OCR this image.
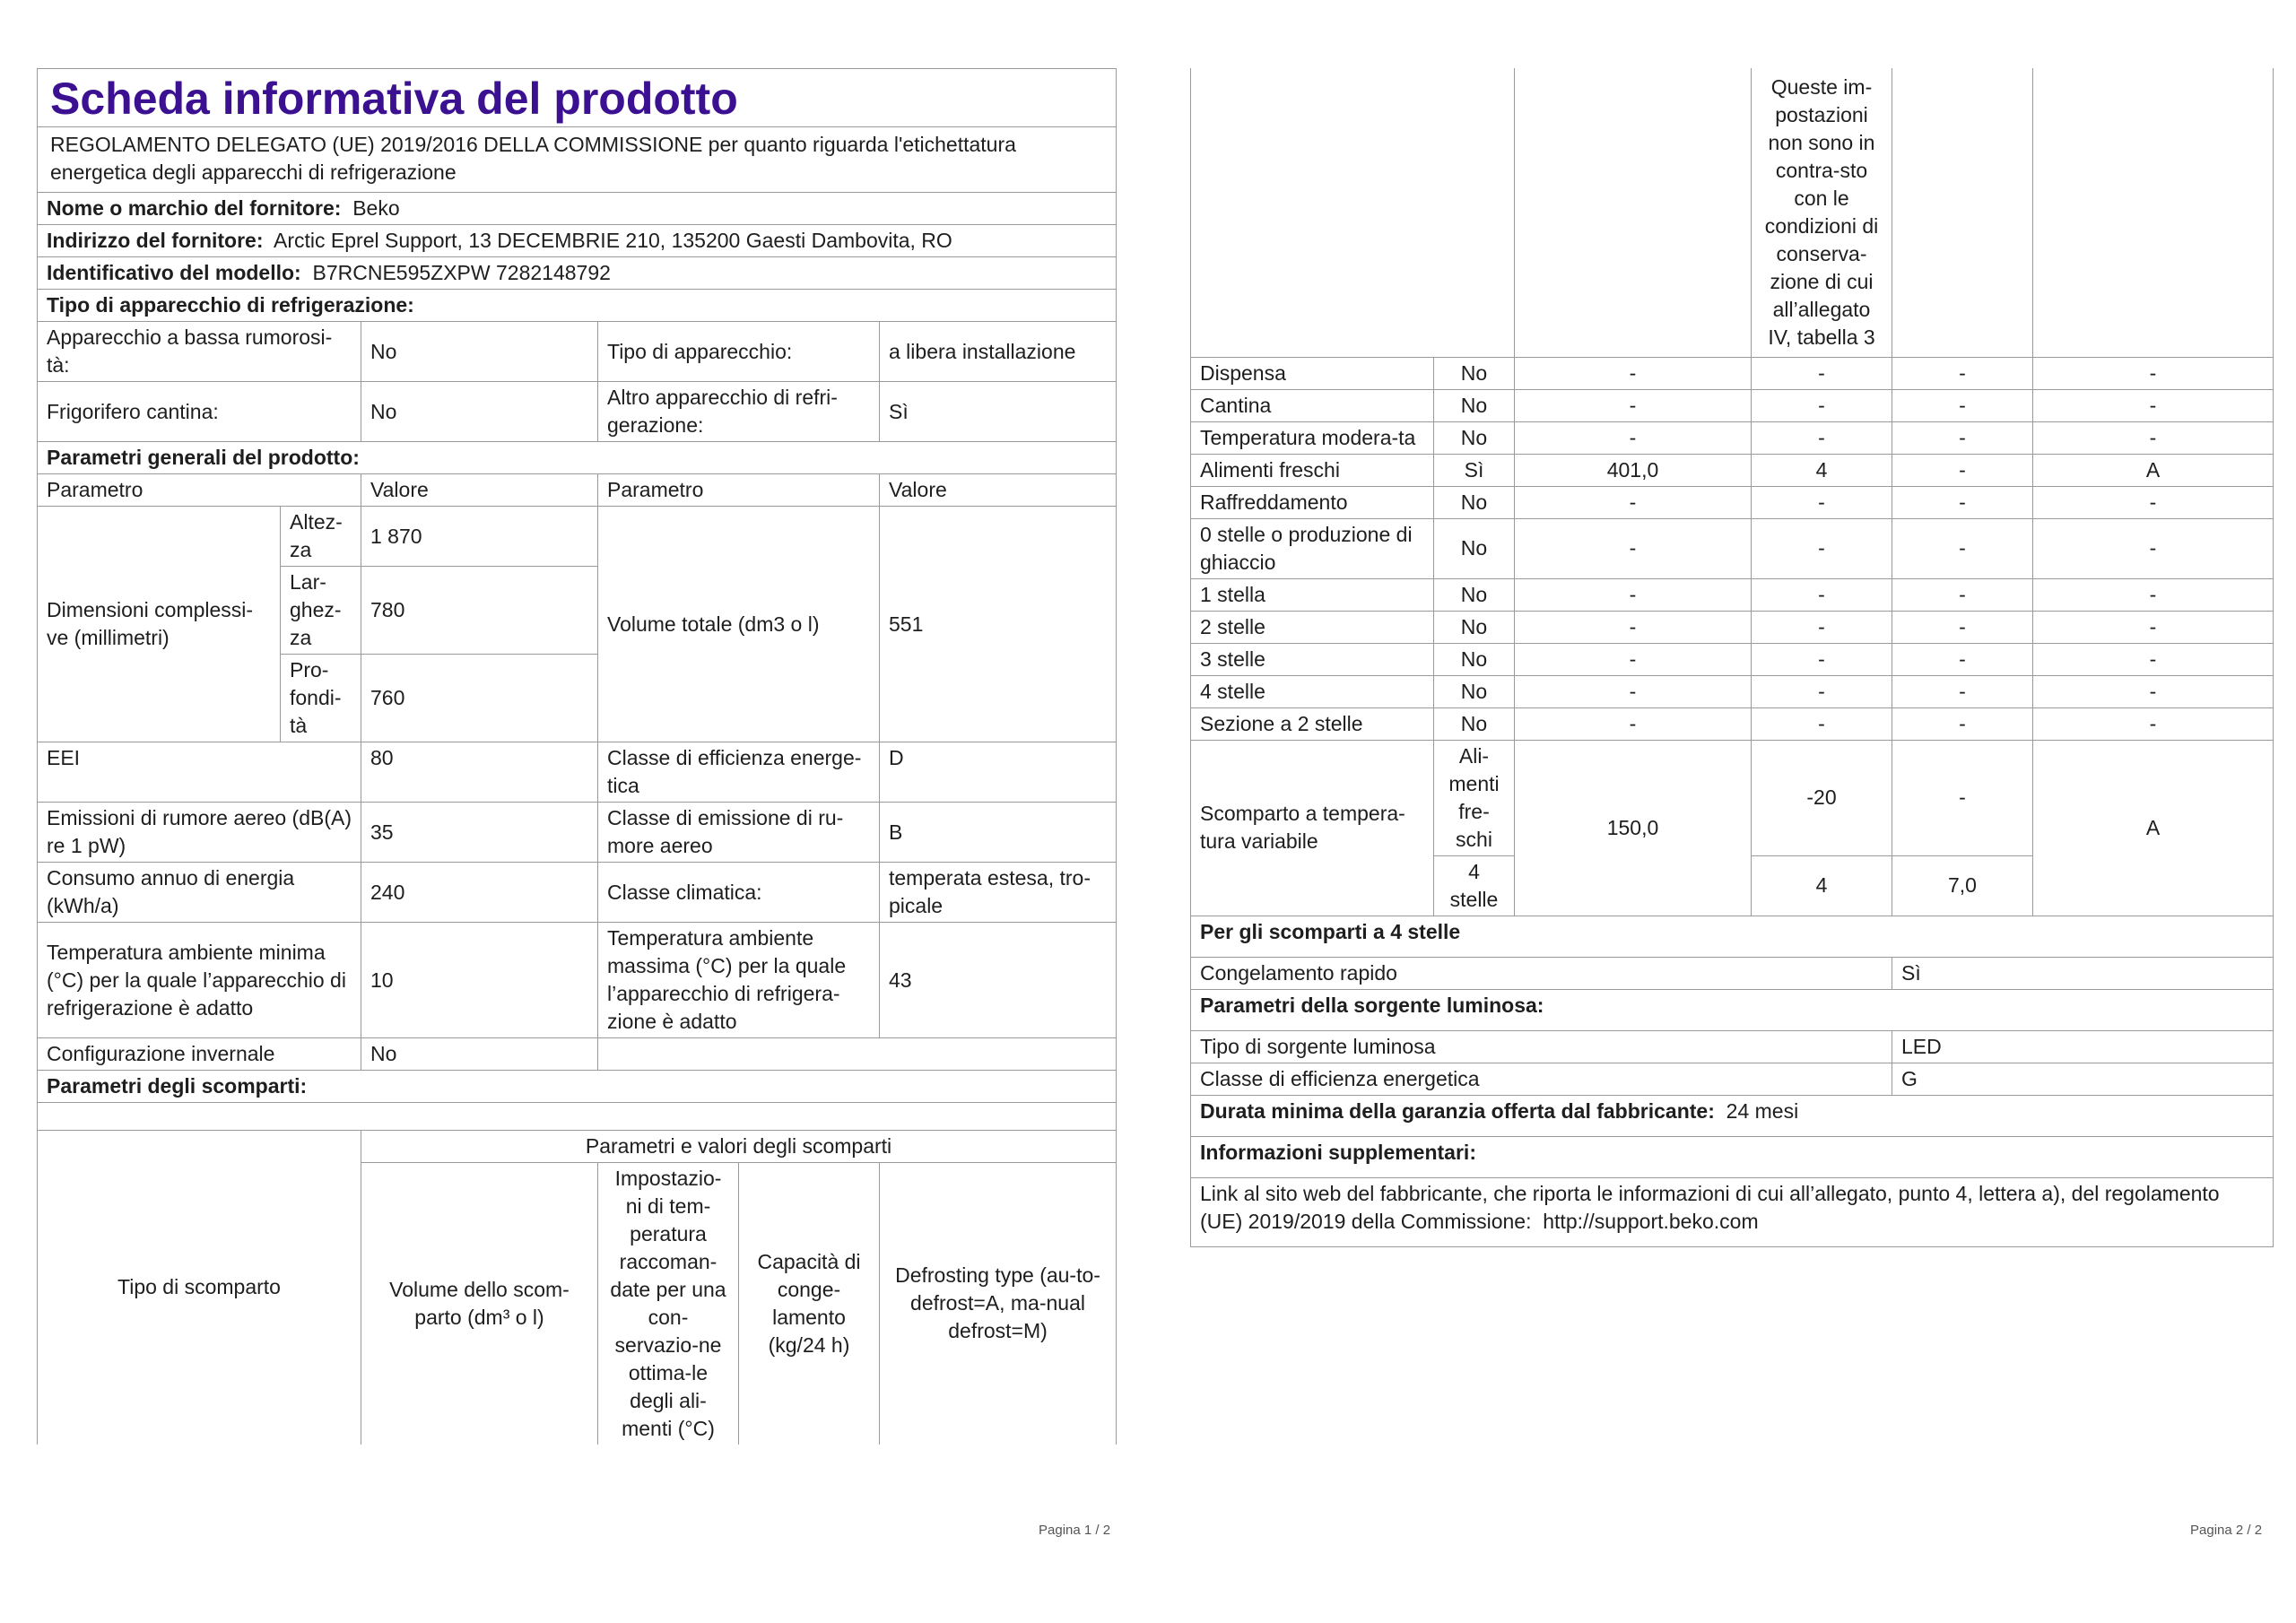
Scheda informativa del prodotto				
REGOLAMENTO DELEGATO (UE) 2019/2016 DELLA COMMISSIONE per quanto riguarda l'etichettatura energetica degli apparecchi di refrigerazione				
Nome o marchio del fornitore: Beko				
Indirizzo del fornitore: Arctic Eprel Support, 13 DECEMBRIE 210, 135200 Gaesti Dambovita, RO				
Identificativo del modello: B7RCNE595ZXPW 7282148792				
Tipo di apparecchio di refrigerazione:				
Apparecchio a bassa rumorosi-tà:		No	Tipo di apparecchio:	a libera installazione
Frigorifero cantina:		No	Altro apparecchio di refri-gerazione:	Sì
Parametri generali del prodotto:				
Parametro		Valore	Parametro	Valore
Dimensioni complessi-ve (millimetri)	Altez-za	1 870	Volume totale (dm3 o l)	551
	Lar-ghez-za	780		
	Pro-fondi-tà	760		
EEI		80	Classe di efficienza energe-tica	D
Emissioni di rumore aereo (dB(A) re 1 pW)		35	Classe di emissione di ru-more aereo	B
Consumo annuo di energia (kWh/a)		240	Classe climatica:	temperata estesa, tro-picale
Temperatura ambiente minima (°C) per la quale l’apparecchio di refrigerazione è adatto		10	Temperatura ambiente massima (°C) per la quale l’apparecchio di refrigera-zione è adatto	43
Configurazione invernale		No		
Parametri degli scomparti:				

Tipo di scomparto	Parametri e valori degli scomparti			
	Volume dello scom-parto (dm³ o l)	Impostazio-ni di tem-peratura raccoman-date per una con-servazio-ne ottima-le degli ali-menti (°C)	Capacità di conge-lamento (kg/24 h)	Defrosting type (au-to-defrost=A, ma-nual defrost=M)
Pagina 1 / 2
			Queste im-postazioni non sono in contra-sto con le condizioni di conserva-zione di cui all’allegato IV, tabella 3		
Dispensa	No	-	-	-	-
Cantina	No	-	-	-	-
Temperatura modera-ta	No	-	-	-	-
Alimenti freschi	Sì	401,0	4	-	A
Raffreddamento	No	-	-	-	-
0 stelle o produzione di ghiaccio	No	-	-	-	-
1 stella	No	-	-	-	-
2 stelle	No	-	-	-	-
3 stelle	No	-	-	-	-
4 stelle	No	-	-	-	-
Sezione a 2 stelle	No	-	-	-	-
Scomparto a tempera-tura variabile	Ali-menti fre-schi	150,0	-20	-	A
	4 stelle		4	7,0	
Per gli scomparti a 4 stelle					
Congelamento rapido				Sì	
Parametri della sorgente luminosa:					
Tipo di sorgente luminosa				LED	
Classe di efficienza energetica				G	
Durata minima della garanzia offerta dal fabbricante: 24 mesi					
Informazioni supplementari:					
Link al sito web del fabbricante, che riporta le informazioni di cui all’allegato, punto 4, lettera a), del regolamento (UE) 2019/2019 della Commissione: http://support.beko.com					
Pagina 2 / 2
